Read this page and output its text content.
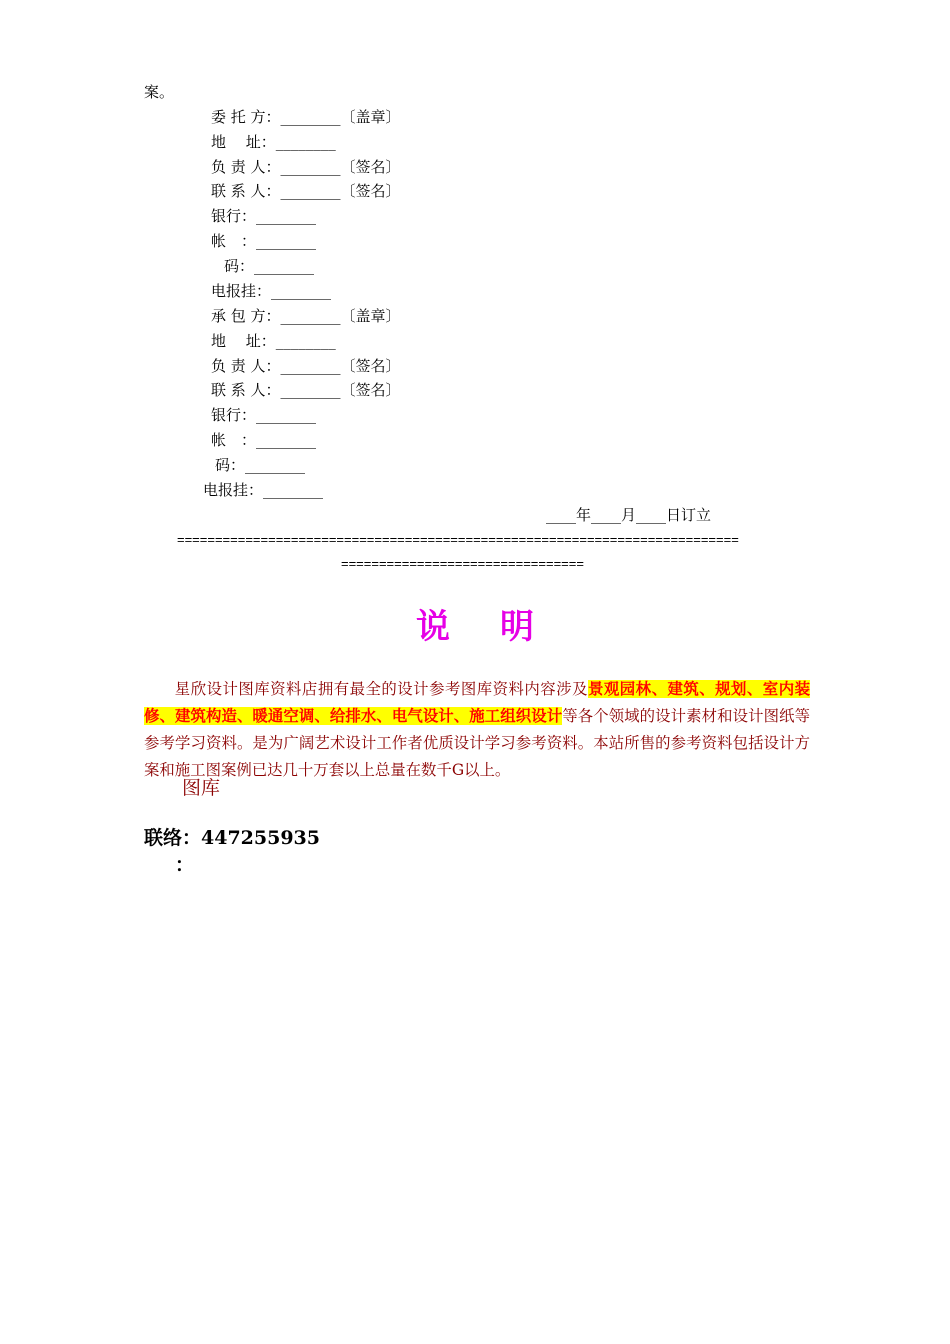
案。
委 托 方：________〔盖章〕
地　 址：________
负 责 人：________〔签名〕
联 系 人：________〔签名〕
银行：________
帐　：________
码：________
电报挂：________
承 包 方：________〔盖章〕
地　 址：________
负 责 人：________〔签名〕
联 系 人：________〔签名〕
银行：________
帐　：________
码：________
电报挂：________
____年____月____日订立
==========================================================================
================================
说明
星欣设计图库资料店拥有最全的设计参考图库资料内容涉及景观园林、建筑、规划、室内装修、建筑构造、暖通空调、给排水、电气设计、施工组织设计等各个领域的设计素材和设计图纸等参考学习资料。是为广阔艺术设计工作者优质设计学习参考资料。本站所售的参考资料包括设计方案和施工图案例已达几十万套以上总量在数千G以上。
图库
联络：447255935
：
